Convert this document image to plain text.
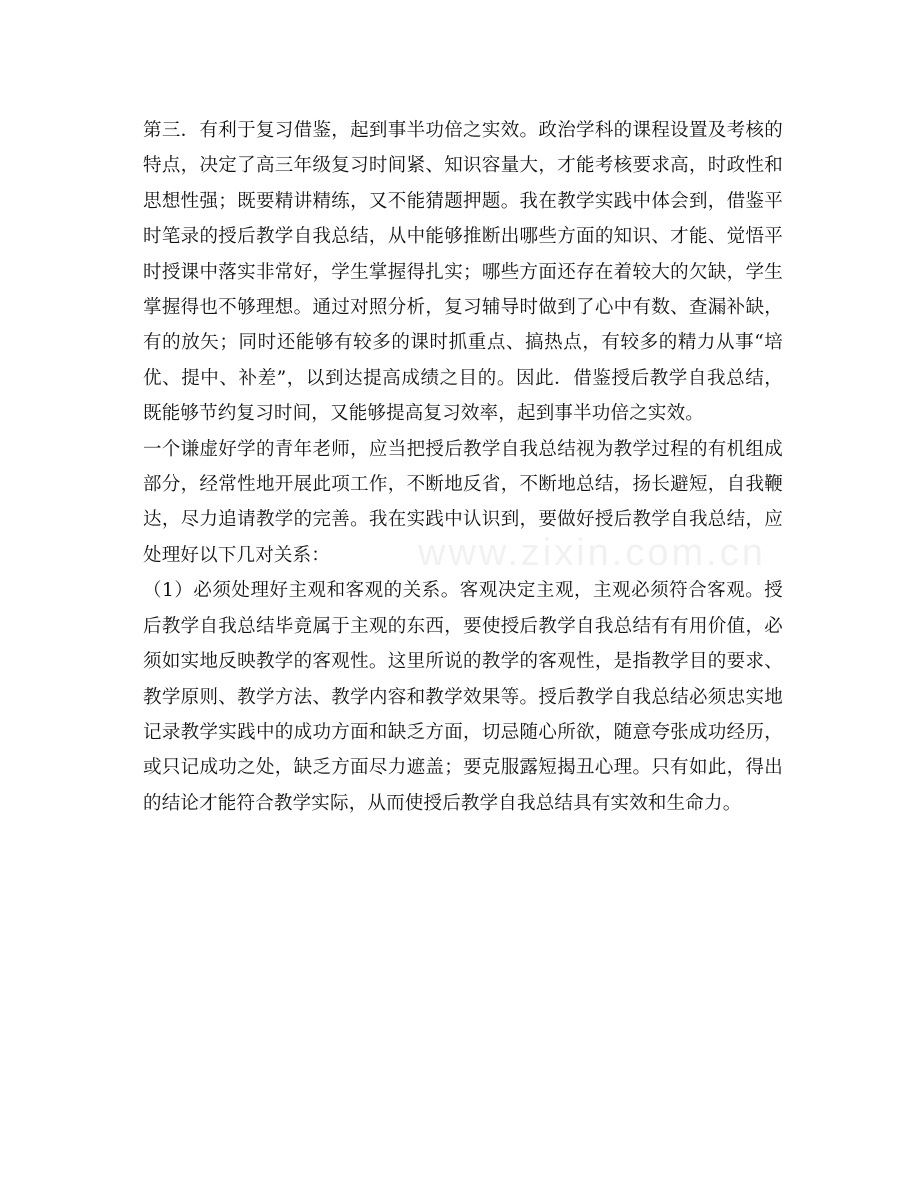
www.zixin.com.cn

第三．有利于复习借鉴，起到事半功倍之实效。政治学科的课程设置及考核的特点，决定了高三年级复习时间紧、知识容量大，才能考核要求高，时政性和思想性强；既要精讲精练，又不能猜题押题。我在教学实践中体会到，借鉴平时笔录的授后教学自我总结，从中能够推断出哪些方面的知识、才能、觉悟平时授课中落实非常好，学生掌握得扎实；哪些方面还存在着较大的欠缺，学生掌握得也不够理想。通过对照分析，复习辅导时做到了心中有数、查漏补缺，有的放矢；同时还能够有较多的课时抓重点、搞热点，有较多的精力从事“培优、提中、补差”，以到达提高成绩之目的。因此．借鉴授后教学自我总结，既能够节约复习时间，又能够提高复习效率，起到事半功倍之实效。

一个谦虚好学的青年老师，应当把授后教学自我总结视为教学过程的有机组成部分，经常性地开展此项工作，不断地反省，不断地总结，扬长避短，自我鞭达，尽力追请教学的完善。我在实践中认识到，要做好授后教学自我总结，应处理好以下几对关系：

（1）必须处理好主观和客观的关系。客观决定主观，主观必须符合客观。授后教学自我总结毕竟属于主观的东西，要使授后教学自我总结有有用价值，必须如实地反映教学的客观性。这里所说的教学的客观性，是指教学目的要求、教学原则、教学方法、教学内容和教学效果等。授后教学自我总结必须忠实地记录教学实践中的成功方面和缺乏方面，切忌随心所欲，随意夸张成功经历，或只记成功之处，缺乏方面尽力遮盖；要克服露短揭丑心理。只有如此，得出的结论才能符合教学实际，从而使授后教学自我总结具有实效和生命力。
